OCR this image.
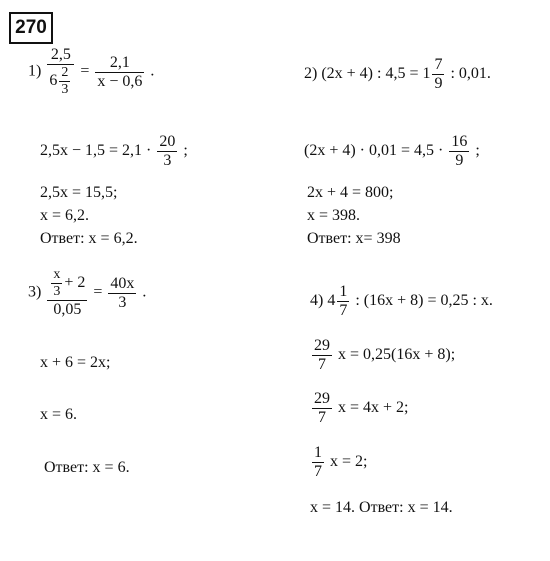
270
$1) \frac{2,5}{6 \frac{2}{3}} = \frac{2,1}{x - 0,6}$ .
$2,5x - 1,5 = 2,1 \cdot \frac{20}{3}$ ;
2,5x = 15,5;
x = 6,2.
Ответ: x = 6,2.
2) (2x + 4) : $4,5 = 1 \frac{7}{9}$ : 0,01.
$(2x + 4) \cdot 0,01 = 4,5 \cdot \frac{16}{9}$ ;
2x + 4 = 800;
x = 398.
Ответ: x= 398
$3) \frac{\frac{x}{3} + 2}{0,05} = \frac{40x}{3}$ .
x + 6 = 2x;
x = 6.
Ответ: x = 6.
4) $4 \frac{1}{7}$ : (16x + 8) = 0,25 : x.
$\frac{29}{7}$ x = 0,25(16x + 8);
$\frac{29}{7}$ x = 4x + 2;
$\frac{1}{7}$ x = 2;
x = 14. Ответ: x = 14.
